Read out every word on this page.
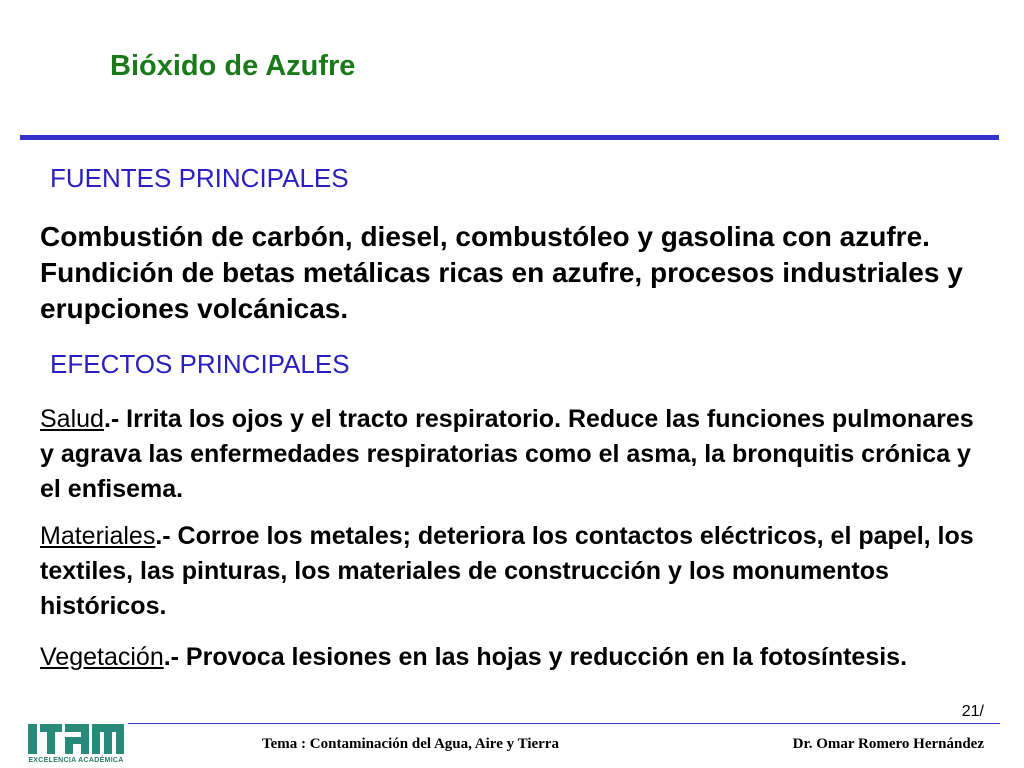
Bióxido de Azufre
FUENTES PRINCIPALES

Combustión de carbón, diesel, combustóleo y gasolina con azufre. Fundición de betas metálicas ricas en azufre, procesos industriales y erupciones volcánicas.

EFECTOS PRINCIPALES

Salud.- Irrita los ojos y el tracto respiratorio. Reduce las funciones pulmonares y agrava las enfermedades respiratorias como el asma, la bronquitis crónica y el enfisema.

Materiales.- Corroe los metales; deteriora los contactos eléctricos, el papel, los textiles, las pinturas, los materiales de construcción y los monumentos históricos.

Vegetación.- Provoca lesiones en las hojas y reducción en la fotosíntesis.

21/
EXCELENCIA ACADÉMICA
Tema : Contaminación del Agua, Aire y Tierra	Dr. Omar Romero Hernández
